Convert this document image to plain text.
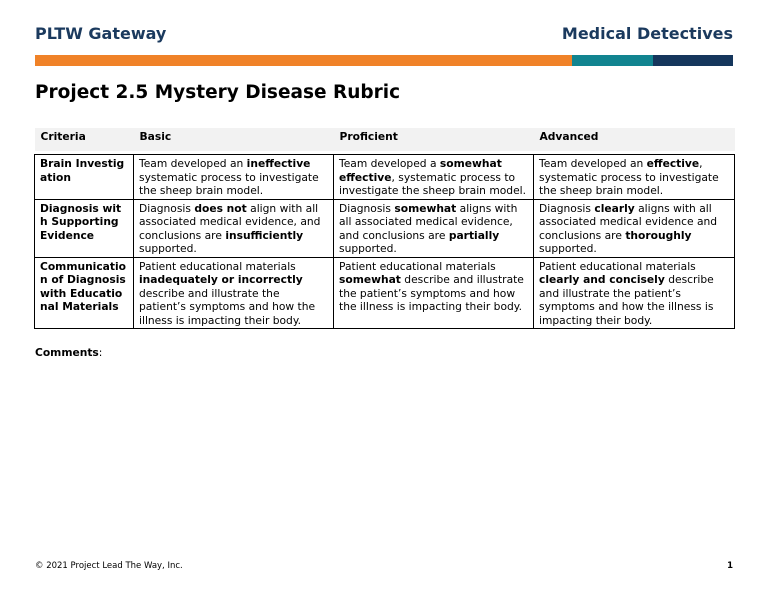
PLTW Gateway	Medical Detectives
Project 2.5 Mystery Disease Rubric
Criteria	Basic	Proficient	Advanced

Brain Investigation	Team developed an ineffective systematic process to investigate the sheep brain model.	Team developed a somewhat effective, systematic process to investigate the sheep brain model.	Team developed an effective, systematic process to investigate the sheep brain model.
Diagnosis with Supporting Evidence	Diagnosis does not align with all associated medical evidence, and conclusions are insufficiently supported.	Diagnosis somewhat aligns with all associated medical evidence, and conclusions are partially supported.	Diagnosis clearly aligns with all associated medical evidence and conclusions are thoroughly supported.
Communication of Diagnosis with Educational Materials	Patient educational materials inadequately or incorrectly describe and illustrate the patient’s symptoms and how the illness is impacting their body.	Patient educational materials somewhat describe and illustrate the patient’s symptoms and how the illness is impacting their body.	Patient educational materials clearly and concisely describe and illustrate the patient’s symptoms and how the illness is impacting their body.
Comments:
© 2021 Project Lead The Way, Inc.	1
